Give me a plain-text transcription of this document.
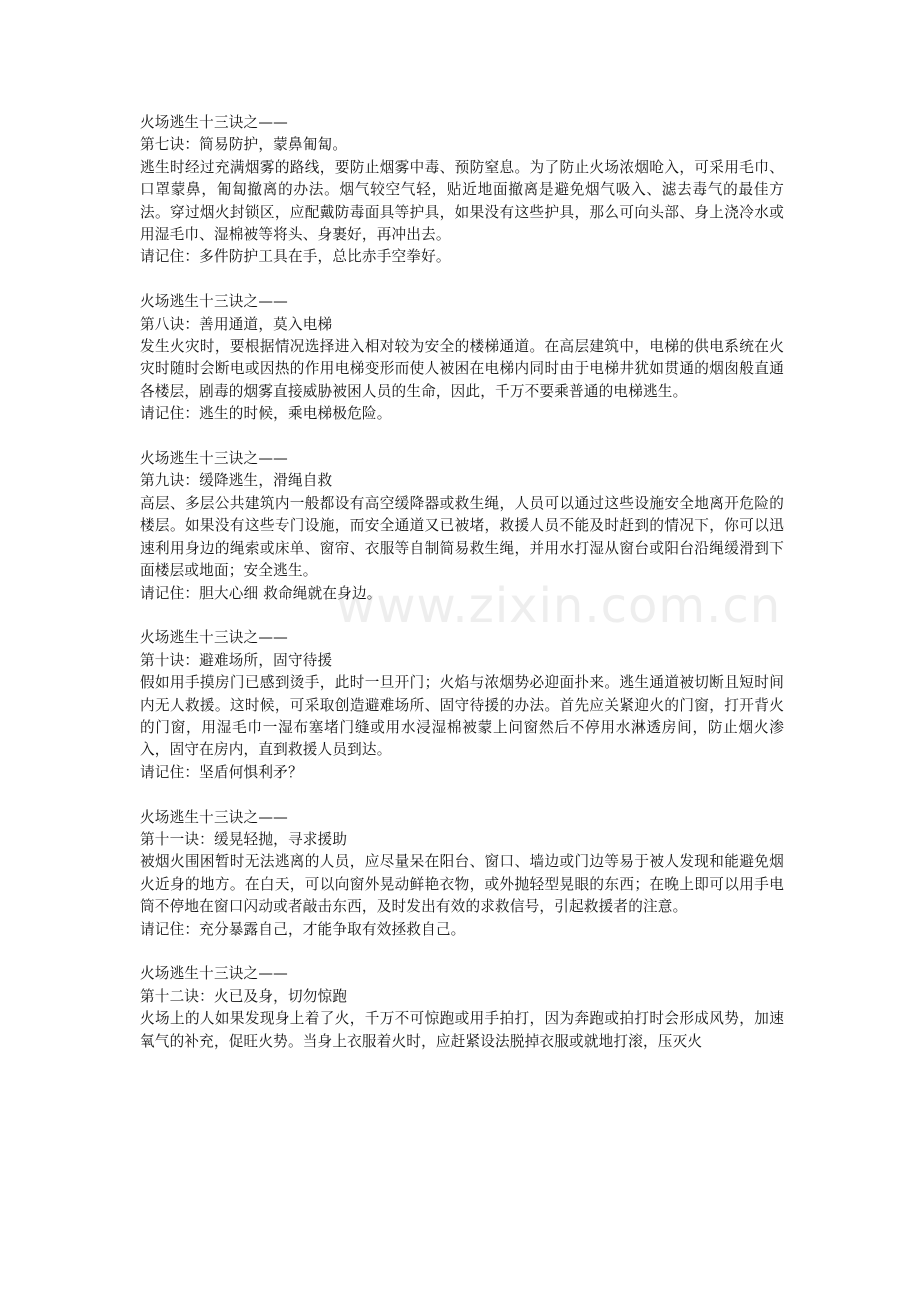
www.zixin.com.cn
火场逃生十三诀之——
第七诀：简易防护，蒙鼻匍匐。
逃生时经过充满烟雾的路线，要防止烟雾中毒、预防窒息。为了防止火场浓烟呛入，可采用毛巾、口罩蒙鼻，匍匐撤离的办法。烟气较空气轻，贴近地面撤离是避免烟气吸入、滤去毒气的最佳方法。穿过烟火封锁区，应配戴防毒面具等护具，如果没有这些护具，那么可向头部、身上浇冷水或用湿毛巾、湿棉被等将头、身裹好，再冲出去。
请记住：多件防护工具在手，总比赤手空拳好。
火场逃生十三诀之——
第八诀：善用通道，莫入电梯
发生火灾时，要根据情况选择进入相对较为安全的楼梯通道。在高层建筑中，电梯的供电系统在火灾时随时会断电或因热的作用电梯变形而使人被困在电梯内同时由于电梯井犹如贯通的烟囱般直通各楼层，剧毒的烟雾直接威胁被困人员的生命，因此，千万不要乘普通的电梯逃生。
请记住：逃生的时候，乘电梯极危险。
火场逃生十三诀之——
第九诀：缓降逃生，滑绳自救
高层、多层公共建筑内一般都设有高空缓降器或救生绳，人员可以通过这些设施安全地离开危险的楼层。如果没有这些专门设施，而安全通道又已被堵，救援人员不能及时赶到的情况下，你可以迅速利用身边的绳索或床单、窗帘、衣服等自制简易救生绳，并用水打湿从窗台或阳台沿绳缓滑到下面楼层或地面；安全逃生。
请记住：胆大心细 救命绳就在身边。
火场逃生十三诀之——
第十诀：避难场所，固守待援
假如用手摸房门已感到烫手，此时一旦开门；火焰与浓烟势必迎面扑来。逃生通道被切断且短时间内无人救援。这时候，可采取创造避难场所、固守待援的办法。首先应关紧迎火的门窗，打开背火的门窗，用湿毛巾一湿布塞堵门缝或用水浸湿棉被蒙上问窗然后不停用水淋透房间，防止烟火渗入，固守在房内，直到救援人员到达。
请记住：坚盾何惧利矛？
火场逃生十三诀之——
第十一诀：缓晃轻抛，寻求援助
被烟火围困暂时无法逃离的人员，应尽量呆在阳台、窗口、墙边或门边等易于被人发现和能避免烟火近身的地方。在白天，可以向窗外晃动鲜艳衣物，或外抛轻型晃眼的东西；在晚上即可以用手电筒不停地在窗口闪动或者敲击东西，及时发出有效的求救信号，引起救援者的注意。
请记住：充分暴露自己，才能争取有效拯救自己。
火场逃生十三诀之——
第十二诀：火已及身，切勿惊跑
火场上的人如果发现身上着了火，千万不可惊跑或用手拍打，因为奔跑或拍打时会形成风势，加速氧气的补充，促旺火势。当身上衣服着火时，应赶紧设法脱掉衣服或就地打滚，压灭火
